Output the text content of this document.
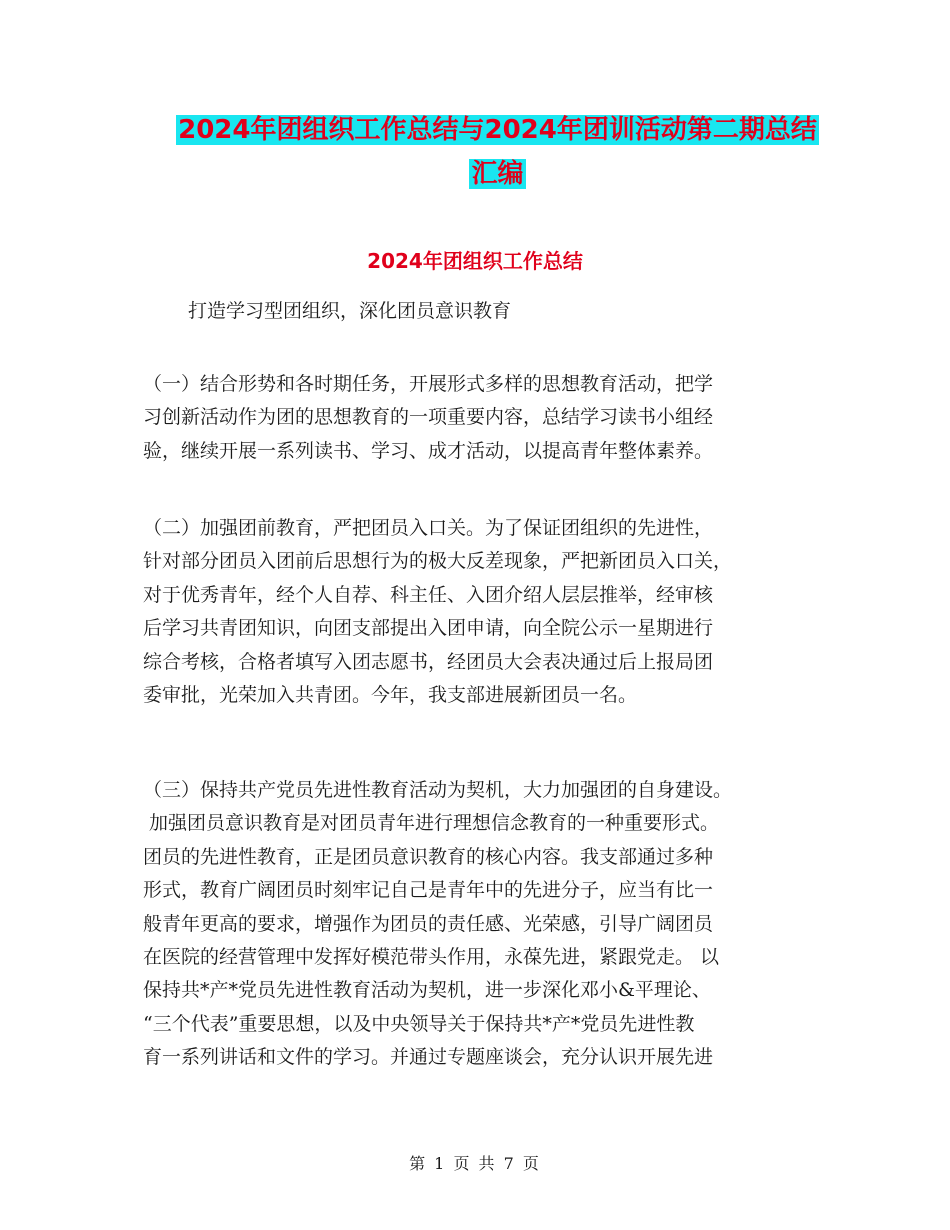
2024年团组织工作总结与2024年团训活动第二期总结
汇编
2024年团组织工作总结
打造学习型团组织，深化团员意识教育
（一）结合形势和各时期任务，开展形式多样的思想教育活动，把学
习创新活动作为团的思想教育的一项重要内容，总结学习读书小组经
验，继续开展一系列读书、学习、成才活动，以提高青年整体素养。
（二）加强团前教育，严把团员入口关。为了保证团组织的先进性，
针对部分团员入团前后思想行为的极大反差现象，严把新团员入口关，
对于优秀青年，经个人自荐、科主任、入团介绍人层层推举，经审核
后学习共青团知识，向团支部提出入团申请，向全院公示一星期进行
综合考核，合格者填写入团志愿书，经团员大会表决通过后上报局团
委审批，光荣加入共青团。今年，我支部进展新团员一名。
（三）保持共产党员先进性教育活动为契机，大力加强团的自身建设。
加强团员意识教育是对团员青年进行理想信念教育的一种重要形式。
团员的先进性教育，正是团员意识教育的核心内容。我支部通过多种
形式，教育广阔团员时刻牢记自己是青年中的先进分子，应当有比一
般青年更高的要求，增强作为团员的责任感、光荣感，引导广阔团员
在医院的经营管理中发挥好模范带头作用，永葆先进，紧跟党走。 以
保持共*产*党员先进性教育活动为契机，进一步深化邓小&平理论、
“三个代表”重要思想，以及中央领导关于保持共*产*党员先进性教
育一系列讲话和文件的学习。并通过专题座谈会，充分认识开展先进
第 1 页 共 7 页
